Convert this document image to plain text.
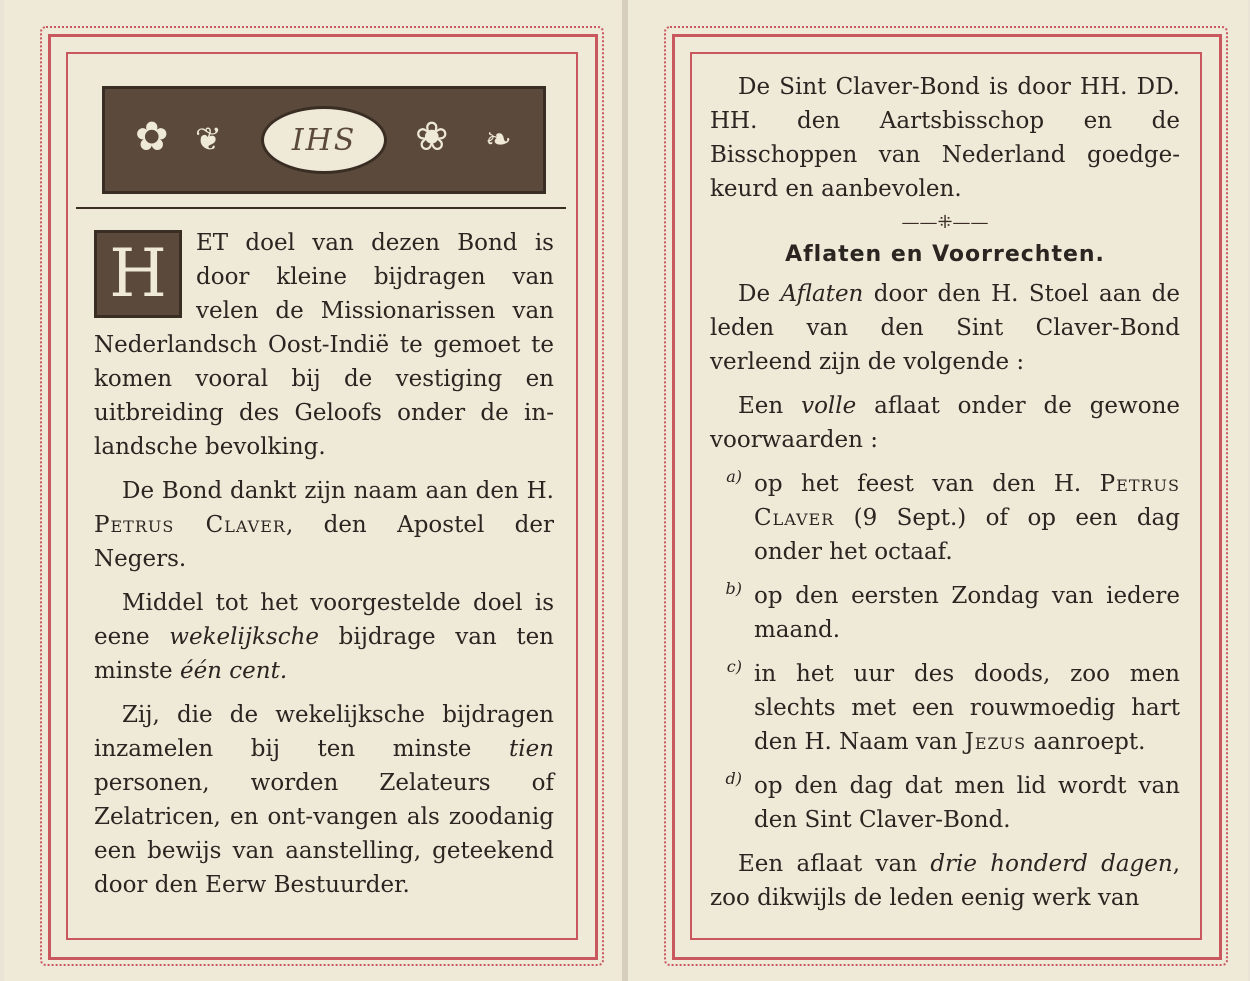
✿ ❦ IHS ❀ ❧
H	ET doel van dezen Bond is door kleine bijdragen van velen de Missionarissen van Nederlandsch Oost-Indië te gemoet te komen vooral bij de vestiging en uitbreiding des Geloofs onder de in-landsche bevolking.

De Bond dankt zijn naam aan den H. Petrus Claver, den Apostel der Negers.

Middel tot het voorgestelde doel is eene wekelijksche bijdrage van ten minste één cent.

Zij, die de wekelijksche bijdragen inzamelen bij ten minste tien personen, worden Zelateurs of Zelatricen, en ont-vangen als zoodanig een bewijs van aanstelling, geteekend door den Eerw Bestuurder.

De Sint Claver-Bond is door HH. DD. HH. den Aartsbisschop en de Bisschoppen van Nederland goedge-keurd en aanbevolen.

——⁜——
Aflaten en Voorrechten.

De Aflaten door den H. Stoel aan de leden van den Sint Claver-Bond verleend zijn de volgende :

Een volle aflaat onder de gewone voorwaarden :

a) op het feest van den H. Petrus Claver (9 Sept.) of op een dag onder het octaaf.

b) op den eersten Zondag van iedere maand.

c) in het uur des doods, zoo men slechts met een rouwmoedig hart den H. Naam van Jezus aanroept.

d) op den dag dat men lid wordt van den Sint Claver-Bond.

Een aflaat van drie honderd dagen, zoo dikwijls de leden eenig werk van
